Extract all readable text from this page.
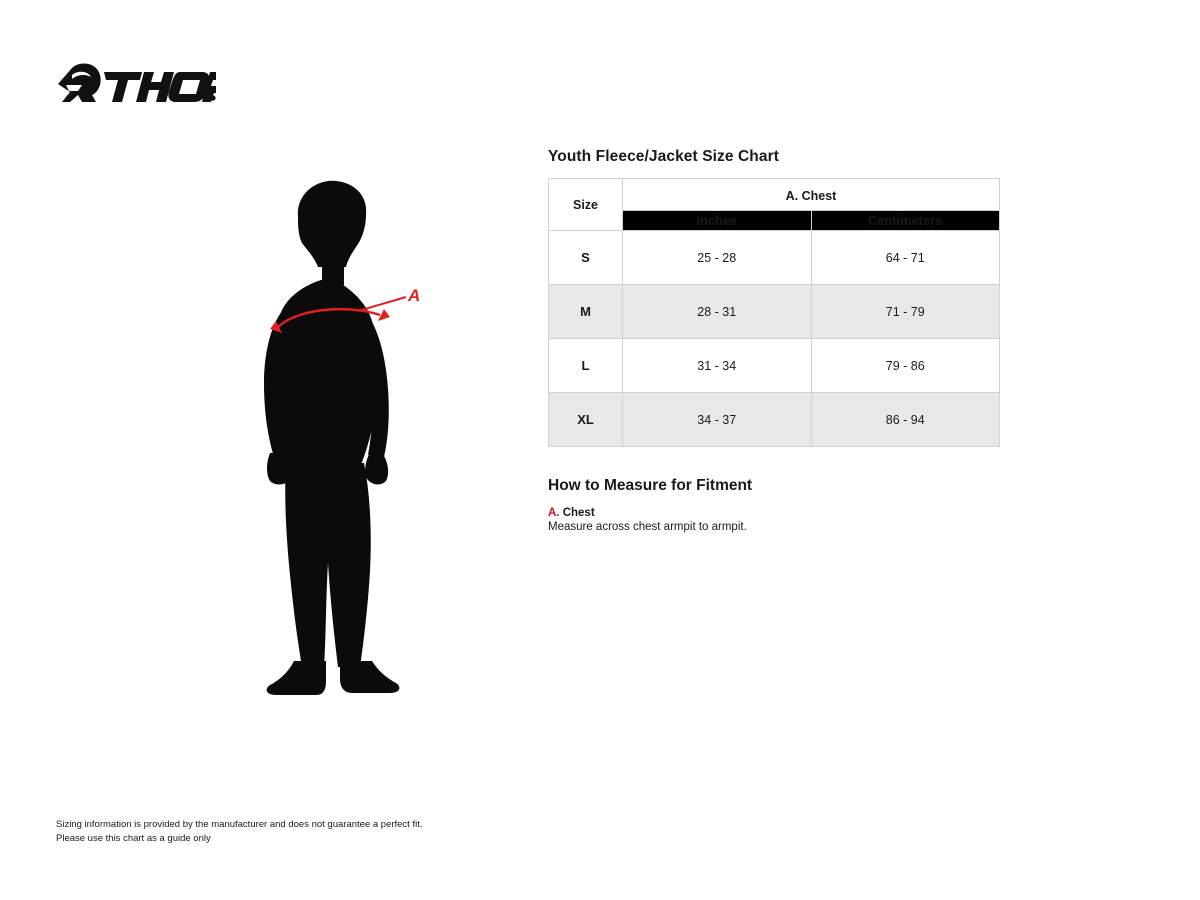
A
Youth Fleece/Jacket Size Chart
Size	A. Chest	
	Inches	Centimeters
S	25 - 28	64 - 71
M	28 - 31	71 - 79
L	31 - 34	79 - 86
XL	34 - 37	86 - 94
How to Measure for Fitment

A. Chest

Measure across chest armpit to armpit.

Sizing information is provided by the manufacturer and does not guarantee a perfect fit.
Please use this chart as a guide only
